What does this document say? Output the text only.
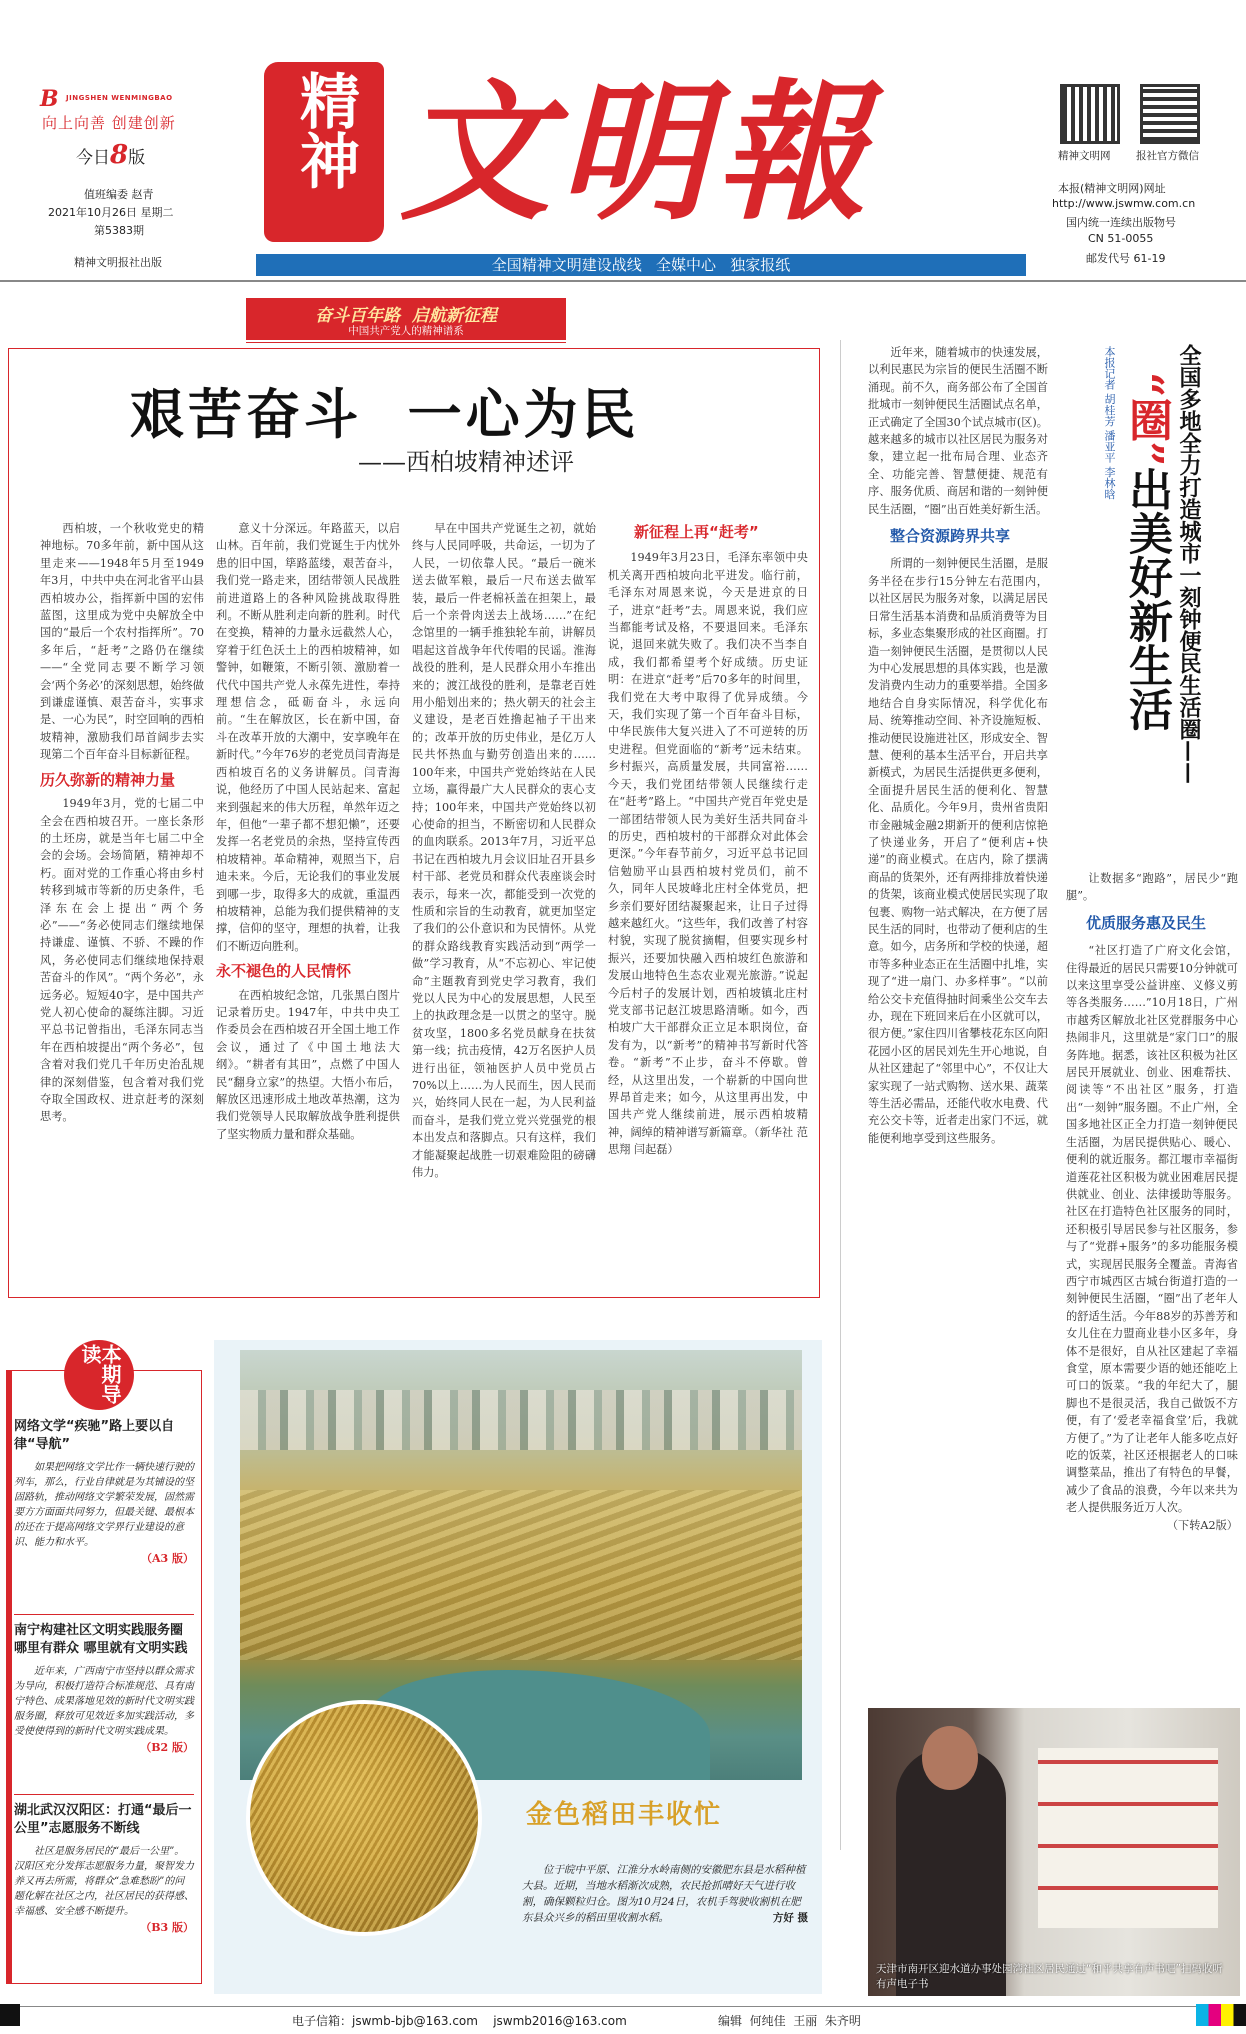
B JINGSHEN WENMINGBAO
向上向善 创建创新
今日8版
值班编委 赵青
2021年10月26日 星期二
第5383期
精神文明报社出版
精神 文明報	精神文明网 报社官方微信
本报(精神文明网)网址
http://www.jswmw.com.cn
国内统一连续出版物号
CN 51-0055
邮发代号 61-19
全国精神文明建设战线   全媒中心   独家报纸
奋斗百年路  启航新征程
中国共产党人的精神谱系
艰苦奋斗  一心为民
——西柏坡精神述评

西柏坡，一个秋收党史的精神地标。70多年前，新中国从这里走来——1948年5月至1949年3月，中共中央在河北省平山县西柏坡办公，指挥新中国的宏伟蓝图，这里成为党中央解放全中国的“最后一个农村指挥所”。70多年后，“赶考”之路仍在继续——“全党同志要不断学习领会‘两个务必’的深刻思想，始终做到谦虚谨慎、艰苦奋斗，实事求是、一心为民”，时空回响的西柏坡精神，激励我们昂首阔步去实现第二个百年奋斗目标新征程。

历久弥新的精神力量

1949年3月，党的七届二中全会在西柏坡召开。一座长条形的土坯房，就是当年七届二中全会的会场。会场简陋，精神却不朽。面对党的工作重心将由乡村转移到城市等新的历史条件，毛泽东在会上提出“两个务必”——“务必使同志们继续地保持谦虚、谨慎、不骄、不躁的作风，务必使同志们继续地保持艰苦奋斗的作风”。“两个务必”，永远务必。短短40字，是中国共产党人初心使命的凝练注脚。习近平总书记曾指出，毛泽东同志当年在西柏坡提出“两个务必”，包含着对我们党几千年历史治乱规律的深刻借鉴，包含着对我们党夺取全国政权、进京赶考的深刻思考。

意义十分深远。年路蓝天，以启山林。百年前，我们党诞生于内忧外患的旧中国，筚路蓝缕，艰苦奋斗，我们党一路走来，团结带领人民战胜前进道路上的各种风险挑战取得胜利。不断从胜利走向新的胜利。时代在变换，精神的力量永远截然人心，穿着于红色沃土上的西柏坡精神，如警钟，如鞭策，不断引领、激励着一代代中国共产党人永葆先进性，奉持理想信念，砥砺奋斗，永远向前。“生在解放区，长在新中国，奋斗在改革开放的大潮中，安享晚年在新时代。”今年76岁的老党员闫青海是西柏坡百名的义务讲解员。闫青海说，他经历了中国人民站起来、富起来到强起来的伟大历程，单然年迈之年，但他“一辈子都不想犯懒”，还要发挥一名老党员的余热，坚持宣传西柏坡精神。革命精神，观照当下，启迪未来。今后，无论我们的事业发展到哪一步，取得多大的成就，重温西柏坡精神，总能为我们提供精神的支撑，信仰的坚守，理想的执着，让我们不断迈向胜利。

永不褪色的人民情怀

在西柏坡纪念馆，几张黑白图片记录着历史。1947年，中共中央工作委员会在西柏坡召开全国土地工作会议，通过了《中国土地法大纲》。“耕者有其田”，点燃了中国人民“翻身立家”的热望。大悟小布后，解放区迅速形成土地改革热潮，这为我们党领导人民取解放战争胜利提供了坚实物质力量和群众基础。

早在中国共产党诞生之初，就始终与人民同呼吸，共命运，一切为了人民，一切依靠人民。“最后一碗米送去做军粮，最后一尺布送去做军装，最后一件老棉袄盖在担架上，最后一个亲骨肉送去上战场……”在纪念馆里的一辆手推独轮车前，讲解员唱起这首战争年代传唱的民谣。淮海战役的胜利，是人民群众用小车推出来的；渡江战役的胜利，是靠老百姓用小船划出来的；热火朝天的社会主义建设，是老百姓撸起袖子干出来的；改革开放的历史伟业，是亿万人民共怀热血与勤劳创造出来的……100年来，中国共产党始终站在人民立场，赢得最广大人民群众的衷心支持；100年来，中国共产党始终以初心使命的担当，不断密切和人民群众的血肉联系。2013年7月，习近平总书记在西柏坡九月会议旧址召开县乡村干部、老党员和群众代表座谈会时表示，每来一次，都能受到一次党的性质和宗旨的生动教育，就更加坚定了我们的公仆意识和为民情怀。从党的群众路线教育实践活动到“两学一做”学习教育，从“不忘初心、牢记使命”主题教育到党史学习教育，我们党以人民为中心的发展思想，人民至上的执政理念是一以贯之的坚守。脱贫攻坚，1800多名党员献身在扶贫第一线；抗击疫情，42万名医护人员进行出征，领袖医护人员中党员占70%以上……为人民而生，因人民而兴，始终同人民在一起，为人民利益而奋斗，是我们党立党兴党强党的根本出发点和落脚点。只有这样，我们才能凝聚起战胜一切艰难险阻的磅礴伟力。

新征程上再“赶考”

1949年3月23日，毛泽东率领中央机关离开西柏坡向北平进发。临行前，毛泽东对周恩来说，今天是进京的日子，进京“赶考”去。周恩来说，我们应当都能考试及格，不要退回来。毛泽东说，退回来就失败了。我们决不当李自成，我们都希望考个好成绩。历史证明：在进京“赶考”后70多年的时间里，我们党在大考中取得了优异成绩。今天，我们实现了第一个百年奋斗目标，中华民族伟大复兴进入了不可逆转的历史进程。但党面临的“新考”远未结束。乡村振兴，高质量发展，共同富裕……今天，我们党团结带领人民继续行走在“赶考”路上。“中国共产党百年党史是一部团结带领人民为美好生活共同奋斗的历史，西柏坡村的干部群众对此体会更深。”今年春节前夕，习近平总书记回信勉励平山县西柏坡村党员们，前不久，同年人民坡峰北庄村全体党员，把乡亲们要好团结凝聚起来，让日子过得越来越红火。“这些年，我们改善了村容村貌，实现了脱贫摘帽，但要实现乡村振兴，还要加快融入西柏坡红色旅游和发展山地特色生态农业观光旅游。”说起今后村子的发展计划，西柏坡镇北庄村党支部书记赵江坡思路清晰。如今，西柏坡广大干部群众正立足本职岗位，奋发有为，以“新考”的精神书写新时代答卷。“新考”不止步，奋斗不停歇。曾经，从这里出发，一个崭新的中国向世界昂首走来；如今，从这里再出发，中国共产党人继续前进，展示西柏坡精神，阔绰的精神谱写新篇章。（新华社 范思翔 闫起磊）

本期导读
网络文学“疾驰”路上要以自律“导航”
如果把网络文学比作一辆快速行驶的列车，那么，行业自律就是为其铺设的坚固路轨，推动网络文学繁荣发展，固然需要方方面面共同努力，但最关键、最根本的还在于提高网络文学界行业建设的意识、能力和水平。
（A3 版）
南宁构建社区文明实践服务圈 哪里有群众 哪里就有文明实践
近年来，广西南宁市坚持以群众需求为导向，积极打造符合标准规范、具有南宁特色、成果落地见效的新时代文明实践服务圈，释放可见效近多加实践活动，多受使使得到的新时代文明实践成果。
（B2 版）
湖北武汉汉阳区：打通“最后一公里”志愿服务不断线
社区是服务居民的“最后一公里”。汉阳区充分发挥志愿服务力量，聚智发力养又再去所需，将群众“急难愁盼”的问题化解在社区之内，社区居民的获得感、幸福感、安全感不断提升。
（B3 版）
金色稻田丰收忙
位于皖中平原、江淮分水岭南侧的安徽肥东县是水稻种植大县。近期，当地水稻渐次成熟，农民抢抓晴好天气进行收割，确保颗粒归仓。图为10月24日，农机手驾驶收割机在肥东县众兴乡的稻田里收割水稻。	方好 摄
全国多地全力打造城市一刻钟便民生活圈——
“圈”出美好新生活
本报记者 胡桂芳 潘亚平 李林晗

近年来，随着城市的快速发展，以利民惠民为宗旨的便民生活圈不断涌现。前不久，商务部公布了全国首批城市一刻钟便民生活圈试点名单，正式确定了全国30个试点城市(区)。越来越多的城市以社区居民为服务对象，建立起一批布局合理、业态齐全、功能完善、智慧便捷、规范有序、服务优质、商居和谐的一刻钟便民生活圈，“圈”出百姓美好新生活。

整合资源跨界共享

所谓的一刻钟便民生活圈，是服务半径在步行15分钟左右范围内，以社区居民为服务对象，以满足居民日常生活基本消费和品质消费等为目标，多业态集聚形成的社区商圈。打造一刻钟便民生活圈，是贯彻以人民为中心发展思想的具体实践，也是激发消费内生动力的重要举措。全国多地结合自身实际情况，科学优化布局、统筹推动空间、补齐设施短板、推动便民设施进社区，形成安全、智慧、便利的基本生活平台，开启共享新模式，为居民生活提供更多便利，全面提升居民生活的便利化、智慧化、品质化。今年9月，贵州省贵阳市金融城金融2期新开的便利店惊艳了快递业务，开启了“便利店+快递”的商业模式。在店内，除了摆满商品的货架外，还有两排排放着快递的货架，该商业模式使居民实现了取包裹、购物一站式解决，在方便了居民生活的同时，也带动了便利店的生意。如今，店务所和学校的快递，超市等多种业态正在生活圈中扎堆，实现了“进一扇门、办多样事”。“以前给公交卡充值得抽时间乘坐公交车去办，现在下班回来后在小区就可以，很方便。”家住四川省攀枝花东区向阳花园小区的居民刘先生开心地说，自从社区建起了“邻里中心”，不仅让大家实现了一站式购物、送水果、蔬菜等生活必需品，还能代收水电费、代充公交卡等，近者走出家门不远，就能便利地享受到这些服务。

让数据多“跑路”，居民少“跑腿”。

优质服务惠及民生

“社区打造了广府文化会馆，住得最近的居民只需要10分钟就可以来这里享受公益讲座、义修义剪等各类服务……”10月18日，广州市越秀区解放北社区党群服务中心热闹非凡，这里就是“家门口”的服务阵地。据悉，该社区积极为社区居民开展就业、创业、困难帮扶、阅读等“不出社区”服务，打造出“一刻钟”服务圈。不止广州，全国多地社区正全力打造一刻钟便民生活圈，为居民提供贴心、暖心、便利的就近服务。都江堰市幸福街道莲花社区积极为就业困难居民提供就业、创业、法律援助等服务。社区在打造特色社区服务的同时，还积极引导居民参与社区服务，参与了“党群+服务”的多功能服务模式，实现居民服务全覆盖。青海省西宁市城西区古城台街道打造的一刻钟便民生活圈，“圈”出了老年人的舒适生活。今年88岁的苏善芳和女儿住在力盟商业巷小区多年，身体不是很好，自从社区建起了幸福食堂，原本需要少语的她还能吃上可口的饭菜。“我的年纪大了，腿脚也不是很灵活，我自己做饭不方便，有了‘爱老幸福食堂’后，我就方便了。”为了让老年人能多吃点好吃的饭菜，社区还根据老人的口味调整菜品，推出了有特色的早餐，减少了食品的浪费，今年以来共为老人提供服务近万人次。

（下转A2版）
天津市南开区迎水道办事处园湾社区居民通过“和平共享有声书吧”扫码收听有声电子书
电子信箱：jswmb-bjb@163.com    jswmb2016@163.com	编辑  何纯佳  王丽  朱齐明
